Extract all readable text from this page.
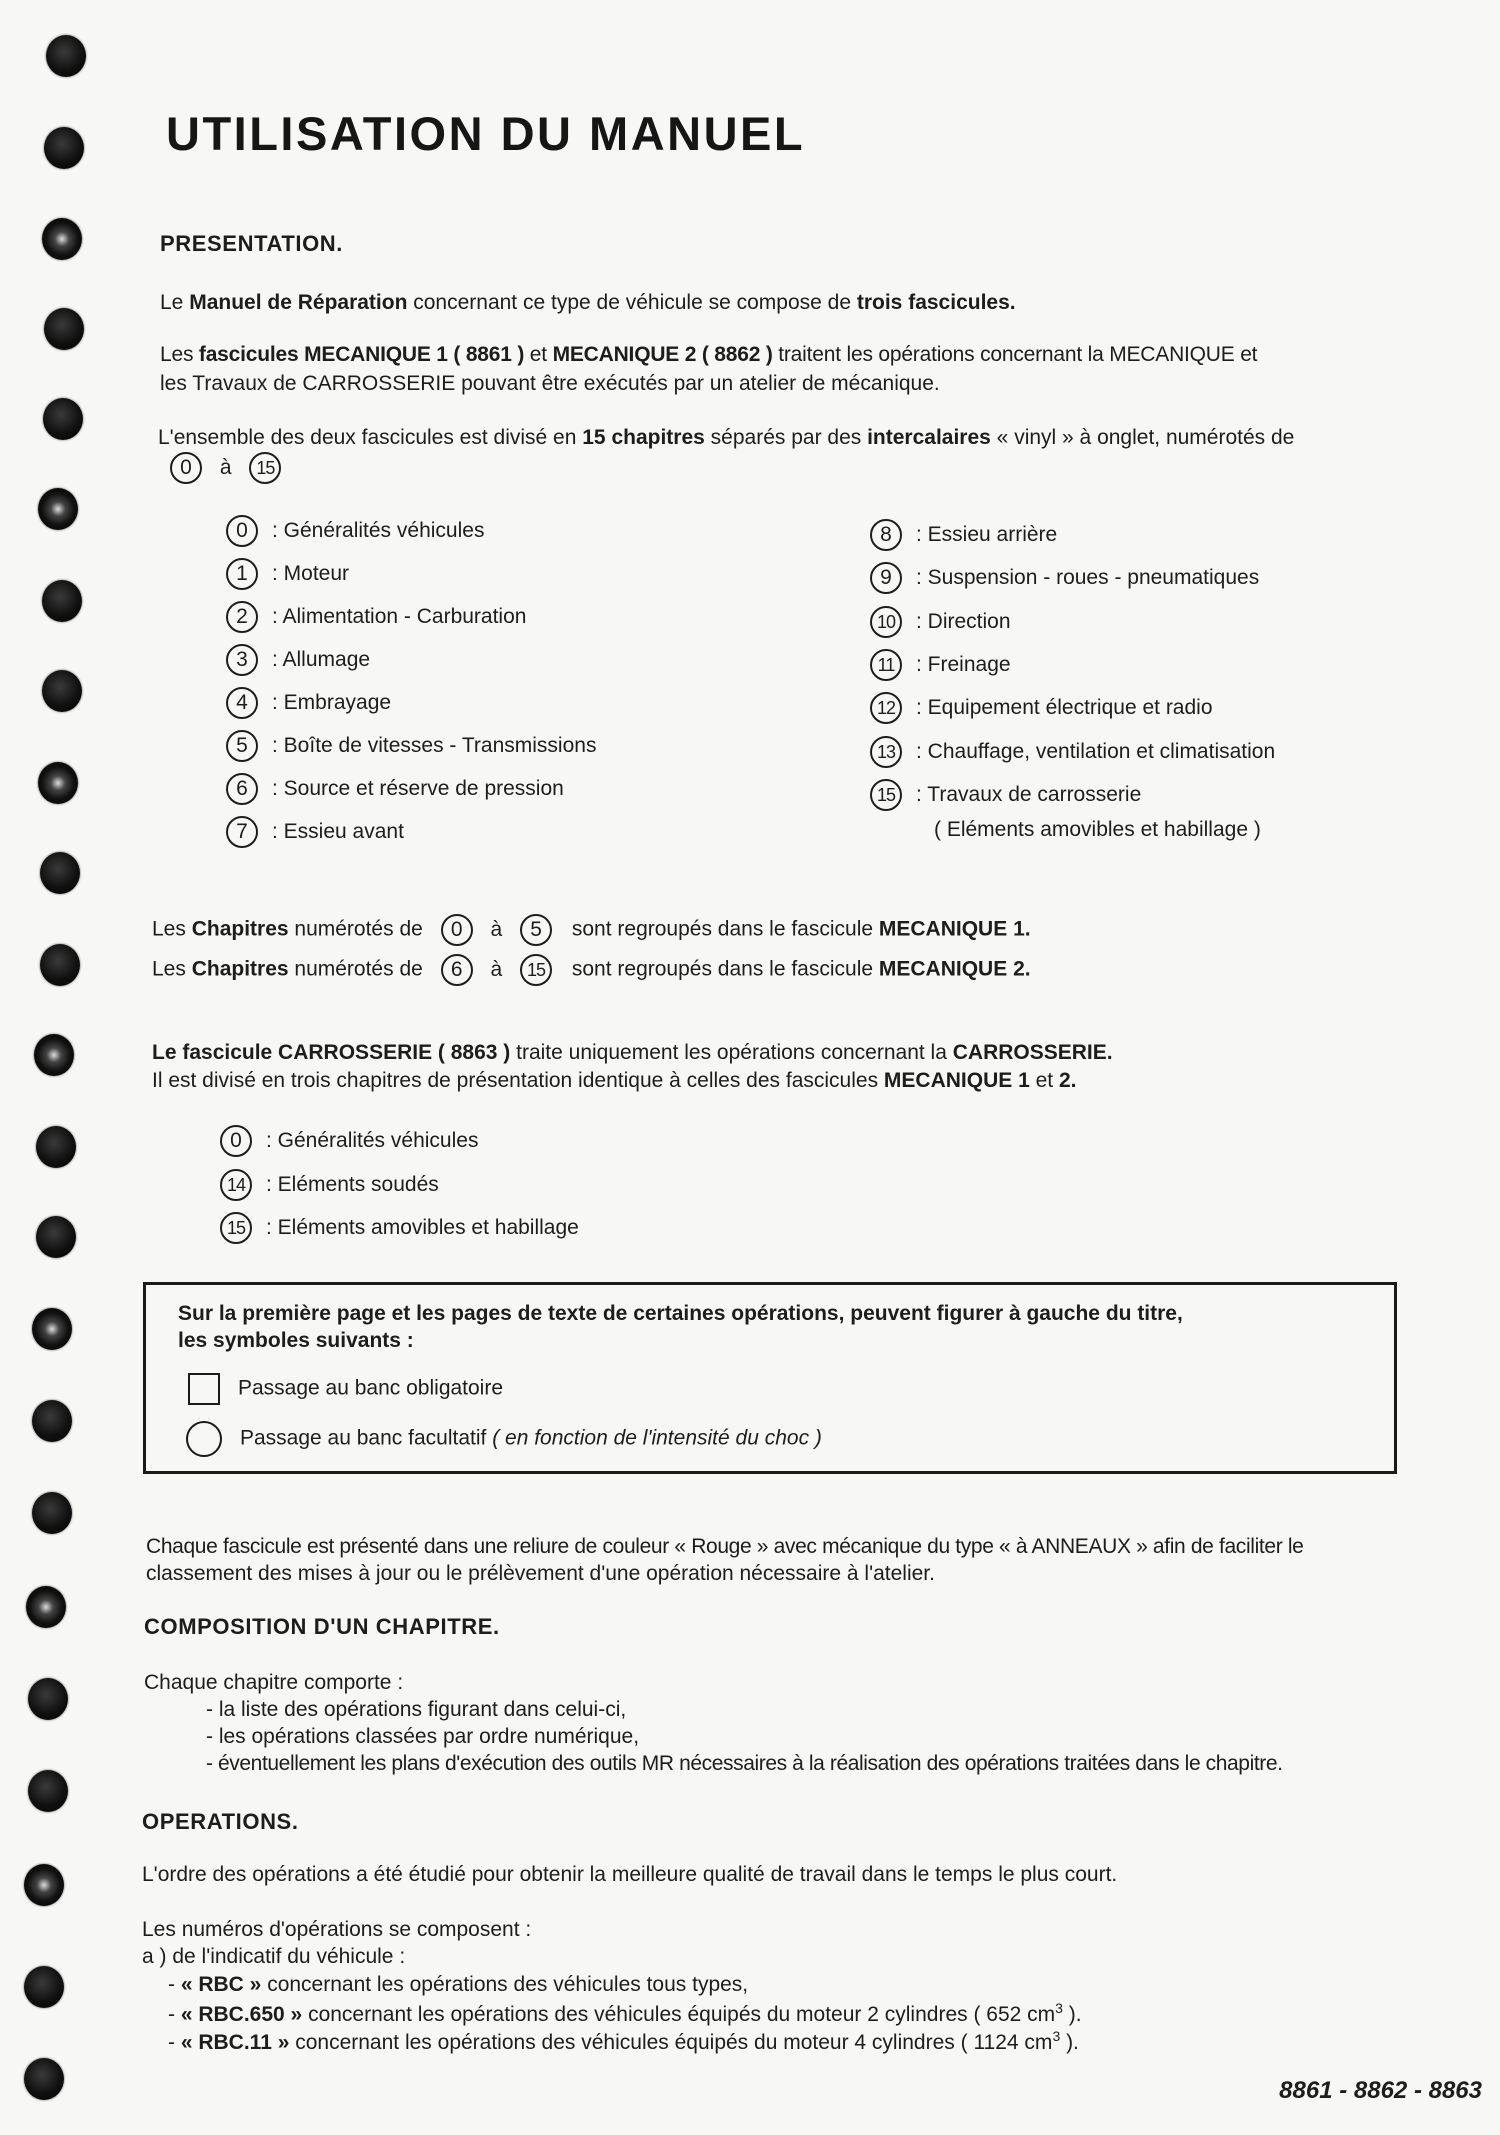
UTILISATION DU MANUEL
PRESENTATION.
Le Manuel de Réparation concernant ce type de véhicule se compose de trois fascicules.
Les fascicules MECANIQUE 1 ( 8861 ) et MECANIQUE 2 ( 8862 ) traitent les opérations concernant la MECANIQUE et
les Travaux de CARROSSERIE pouvant être exécutés par un atelier de mécanique.
L'ensemble des deux fascicules est divisé en 15 chapitres séparés par des intercalaires « vinyl » à onglet, numérotés de
0 à 15
0	: Généralités véhicules
1	: Moteur
2	: Alimentation - Carburation
3	: Allumage
4	: Embrayage
5	: Boîte de vitesses - Transmissions
6	: Source et réserve de pression
7	: Essieu avant
8	: Essieu arrière
9	: Suspension - roues - pneumatiques
10 : Direction
11	: Freinage
12 : Equipement électrique et radio
13 : Chauffage, ventilation et climatisation
15 : Travaux de carrosserie
( Eléments amovibles et habillage )
Les Chapitres numérotés de 0 à 5 sont regroupés dans le fascicule MECANIQUE 1.
Les Chapitres numérotés de 6 à 15 sont regroupés dans le fascicule MECANIQUE 2.
Le fascicule CARROSSERIE ( 8863 ) traite uniquement les opérations concernant la CARROSSERIE.
Il est divisé en trois chapitres de présentation identique à celles des fascicules MECANIQUE 1 et 2.
0	: Généralités véhicules
14 : Eléments soudés
15 : Eléments amovibles et habillage
Sur la première page et les pages de texte de certaines opérations, peuvent figurer à gauche du titre,
les symboles suivants :
Passage au banc obligatoire
Passage au banc facultatif ( en fonction de l'intensité du choc )
Chaque fascicule est présenté dans une reliure de couleur « Rouge » avec mécanique du type « à ANNEAUX » afin de faciliter le
classement des mises à jour ou le prélèvement d'une opération nécessaire à l'atelier.
COMPOSITION D'UN CHAPITRE.
Chaque chapitre comporte :
- la liste des opérations figurant dans celui-ci,
- les opérations classées par ordre numérique,
- éventuellement les plans d'exécution des outils MR nécessaires à la réalisation des opérations traitées dans le chapitre.
OPERATIONS.
L'ordre des opérations a été étudié pour obtenir la meilleure qualité de travail dans le temps le plus court.
Les numéros d'opérations se composent :
a ) de l'indicatif du véhicule :
- « RBC » concernant les opérations des véhicules tous types,
- « RBC.650 » concernant les opérations des véhicules équipés du moteur 2 cylindres ( 652 $cm^3$ ).
- « RBC.11 » concernant les opérations des véhicules équipés du moteur 4 cylindres ( 1124 $cm^3$ ).
8861 - 8862 - 8863
